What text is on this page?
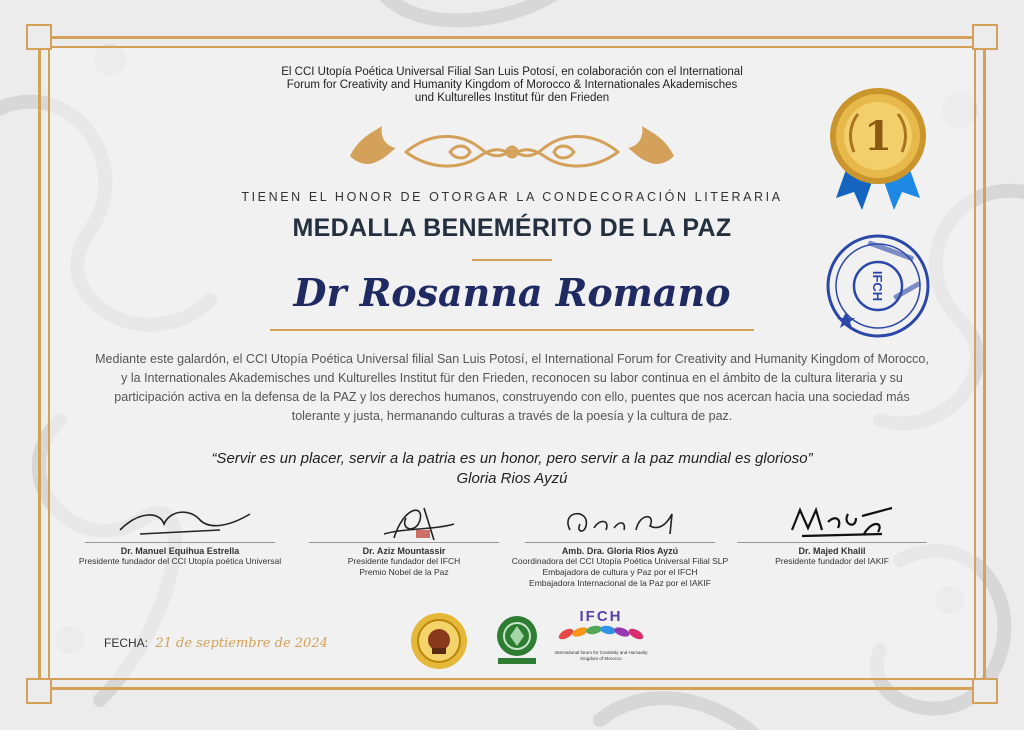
El CCI Utopía Poética Universal Filial San Luis Potosí, en colaboración con el International
Forum for Creativity and Humanity Kingdom of Morocco & Internationales Akademisches
und Kulturelles Institut für den Frieden
TIENEN EL HONOR DE OTORGAR LA CONDECORACIÓN LITERARIA
MEDALLA BENEMÉRITO DE LA PAZ
Dr Rosanna Romano
Mediante este galardón, el CCI Utopía Poética Universal filial San Luis Potosí, el International Forum for Creativity and Humanity Kingdom of Morocco, y la Internationales Akademisches und Kulturelles Institut für den Frieden, reconocen su labor continua en el ámbito de la cultura literaria y su participación activa en la defensa de la PAZ y los derechos humanos, construyendo con ello, puentes que nos acercan hacia una sociedad más tolerante y justa, hermanando culturas a través de la poesía y la cultura de paz.
“Servir es un placer, servir a la patria es un honor, pero servir a la paz mundial es glorioso”
Gloria Rios Ayzú
Dr. Manuel Equihua Estrella
Presidente fundador del CCI Utopía poética Universal
Dr. Aziz Mountassir
Presidente fundador del IFCH
Premio Nobel de la Paz
Amb. Dra. Gloria Rios Ayzú
Coordinadora del CCI Utopía Poética Universal Filial SLP
Embajadora de cultura y Paz por el IFCH
Embajadora Internacional de la Paz por el IAKIF
Dr. Majed Khalil
Presidente fundador del IAKIF
FECHA: 21 de septiembre de 2024
IFCH
International forum for Creativity and Humanity
Kingdom of Morocco
1
IFCH
